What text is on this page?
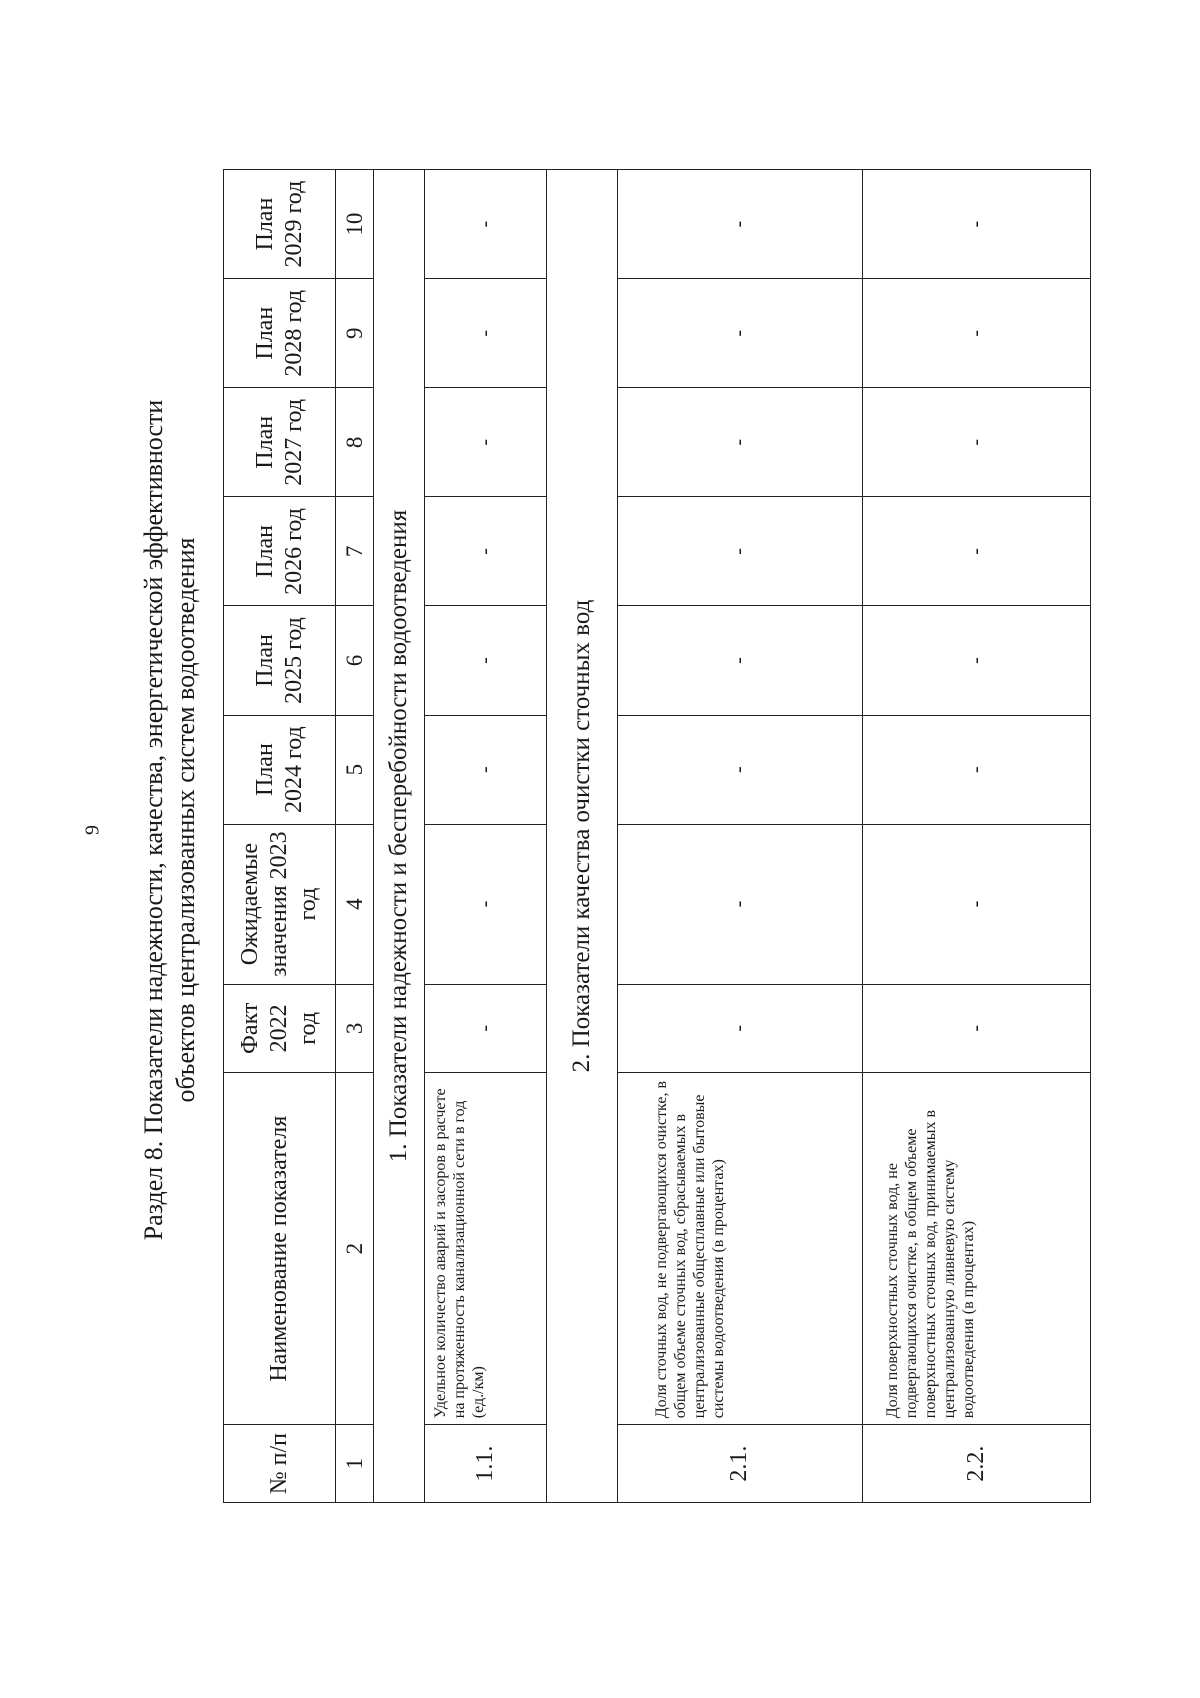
9 Раздел 8. Показатели надежности, качества, энергетической эффективности объектов централизованных систем водоотведения
№ п/п	Наименование показателя	Факт 2022 год	Ожидаемые значения 2023 год	План 2024 год	План 2025 год	План 2026 год	План 2027 год	План 2028 год	План 2029 год
1	2	3	4	5	6	7	8	9	10
1. Показатели надежности и бесперебойности водоотведения									
1.1.	Удельное количество аварий и засоров в расчете на протяженность канализационной сети в год (ед./км)	-	-	-	-	-	-	-	-
2. Показатели качества очистки сточных вод									
2.1.	Доля сточных вод, не подвергающихся очистке, в общем объеме сточных вод, сбрасываемых в централизованные общесплавные или бытовые системы водоотведения (в процентах)	-	-	-	-	-	-	-	-
2.2.	Доля поверхностных сточных вод, не подвергающихся очистке, в общем объеме поверхностных сточных вод, принимаемых в централизованную ливневую систему водоотведения (в процентах)	-	-	-	-	-	-	-	-
